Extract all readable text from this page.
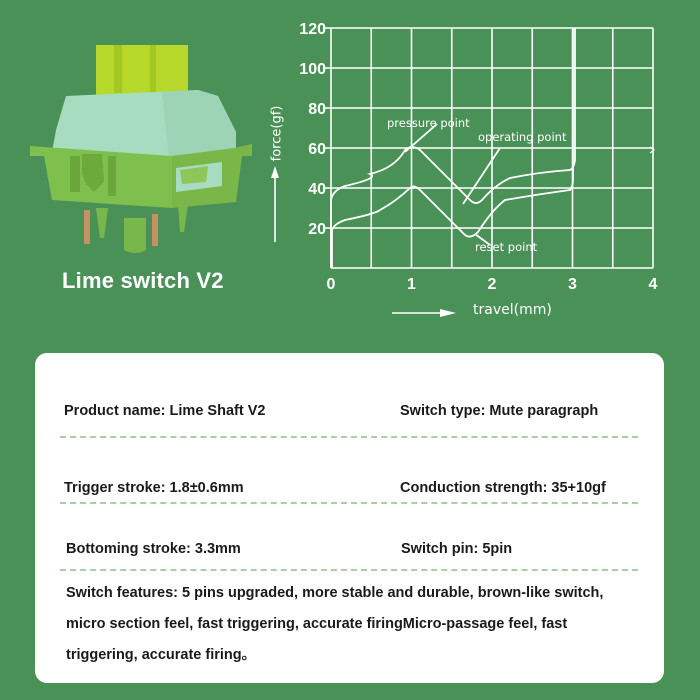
Lime switch V2
20
40
60
80
100
120
0	1	2	3	4
pressure point
operating point
reset point
force(gf)
travel(mm)
Product name: Lime Shaft V2	Switch type: Mute paragraph
Trigger stroke: 1.8±0.6mm	Conduction strength: 35+10gf
Bottoming stroke: 3.3mm	Switch pin: 5pin
Switch features: 5 pins upgraded, more stable and durable, brown-like switch, micro section feel, fast triggering, accurate firingMicro-passage feel, fast triggering, accurate firing。
